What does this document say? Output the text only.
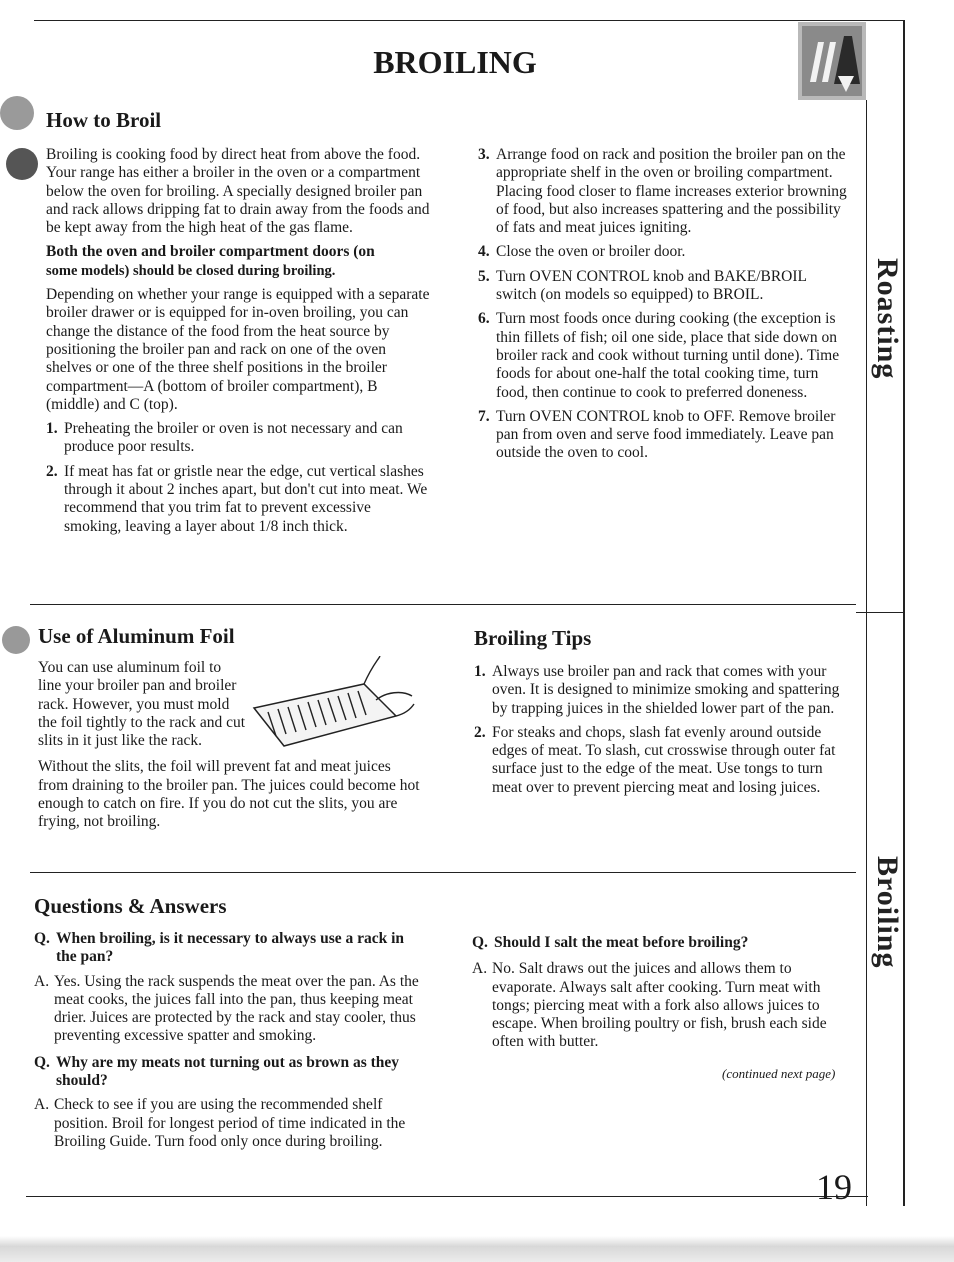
BROILING
Roasting
Broiling
How to Broil
Broiling is cooking food by direct heat from above the food. Your range has either a broiler in the oven or a compartment below the oven for broiling. A specially designed broiler pan and rack allows dripping fat to drain away from the foods and be kept away from the high heat of the gas flame.
Both the oven and broiler compartment doors (on
some models) should be closed during broiling.
Depending on whether your range is equipped with a separate broiler drawer or is equipped for in-oven broiling, you can change the distance of the food from the heat source by positioning the broiler pan and rack on one of the oven shelves or one of the three shelf positions in the broiler compartment—A (bottom of broiler compartment), B (middle) and C (top).
1. Preheating the broiler or oven is not necessary and can produce poor results.
2. If meat has fat or gristle near the edge, cut vertical slashes through it about 2 inches apart, but don't cut into meat. We recommend that you trim fat to prevent excessive smoking, leaving a layer about 1/8 inch thick.
3. Arrange food on rack and position the broiler pan on the appropriate shelf in the oven or broiling compartment. Placing food closer to flame increases exterior browning of food, but also increases spattering and the possibility of fats and meat juices igniting.
4. Close the oven or broiler door.
5. Turn OVEN CONTROL knob and BAKE/BROIL switch (on models so equipped) to BROIL.
6. Turn most foods once during cooking (the exception is thin fillets of fish; oil one side, place that side down on broiler rack and cook without turning until done). Time foods for about one-half the total cooking time, turn food, then continue to cook to preferred doneness.
7. Turn OVEN CONTROL knob to OFF. Remove broiler pan from oven and serve food immediately. Leave pan outside the oven to cool.
Use of Aluminum Foil
You can use aluminum foil to line your broiler pan and broiler rack. However, you must mold the foil tightly to the rack and cut slits in it just like the rack.
Without the slits, the foil will prevent fat and meat juices from draining to the broiler pan. The juices could become hot enough to catch on fire. If you do not cut the slits, you are frying, not broiling.
Broiling Tips
1. Always use broiler pan and rack that comes with your oven. It is designed to minimize smoking and spattering by trapping juices in the shielded lower part of the pan.
2. For steaks and chops, slash fat evenly around outside edges of meat. To slash, cut crosswise through outer fat surface just to the edge of the meat. Use tongs to turn meat over to prevent piercing meat and losing juices.
Questions & Answers
Q. When broiling, is it necessary to always use a rack in the pan?
A. Yes. Using the rack suspends the meat over the pan. As the meat cooks, the juices fall into the pan, thus keeping meat drier. Juices are protected by the rack and stay cooler, thus preventing excessive spatter and smoking.
Q. Why are my meats not turning out as brown as they should?
A. Check to see if you are using the recommended shelf position. Broil for longest period of time indicated in the Broiling Guide. Turn food only once during broiling.
Q. Should I salt the meat before broiling?
A. No. Salt draws out the juices and allows them to evaporate. Always salt after cooking. Turn meat with tongs; piercing meat with a fork also allows juices to escape. When broiling poultry or fish, brush each side often with butter.
(continued next page)
19
